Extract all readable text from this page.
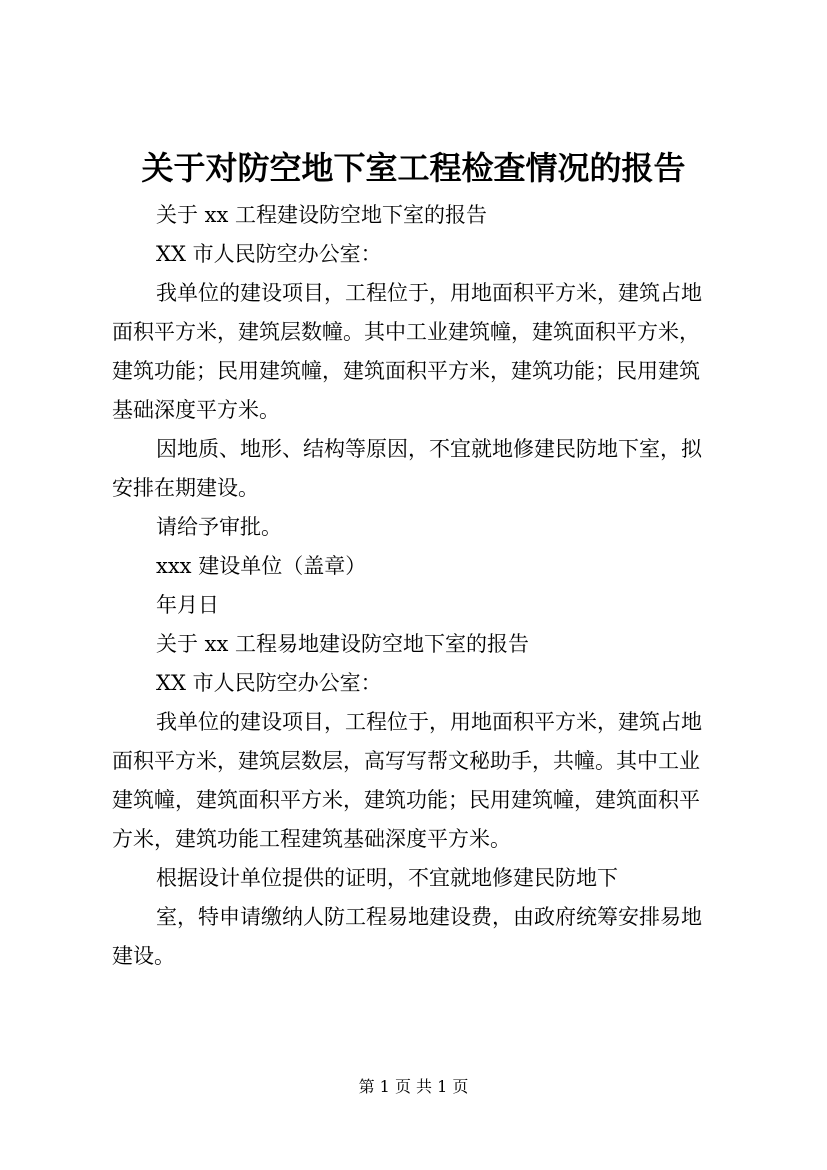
关于对防空地下室工程检查情况的报告
关于 xx 工程建设防空地下室的报告
XX 市人民防空办公室：
我单位的建设项目，工程位于，用地面积平方米，建筑占地
面积平方米，建筑层数幢。其中工业建筑幢，建筑面积平方米，
建筑功能；民用建筑幢，建筑面积平方米，建筑功能；民用建筑
基础深度平方米。
因地质、地形、结构等原因，不宜就地修建民防地下室，拟
安排在期建设。
请给予审批。
xxx 建设单位（盖章）
年月日
关于 xx 工程易地建设防空地下室的报告
XX 市人民防空办公室：
我单位的建设项目，工程位于，用地面积平方米，建筑占地
面积平方米，建筑层数层，高写写帮文秘助手，共幢。其中工业
建筑幢，建筑面积平方米，建筑功能；民用建筑幢，建筑面积平
方米，建筑功能工程建筑基础深度平方米。
根据设计单位提供的证明，不宜就地修建民防地下
室，特申请缴纳人防工程易地建设费，由政府统筹安排易地
建设。
第 1 页 共 1 页
